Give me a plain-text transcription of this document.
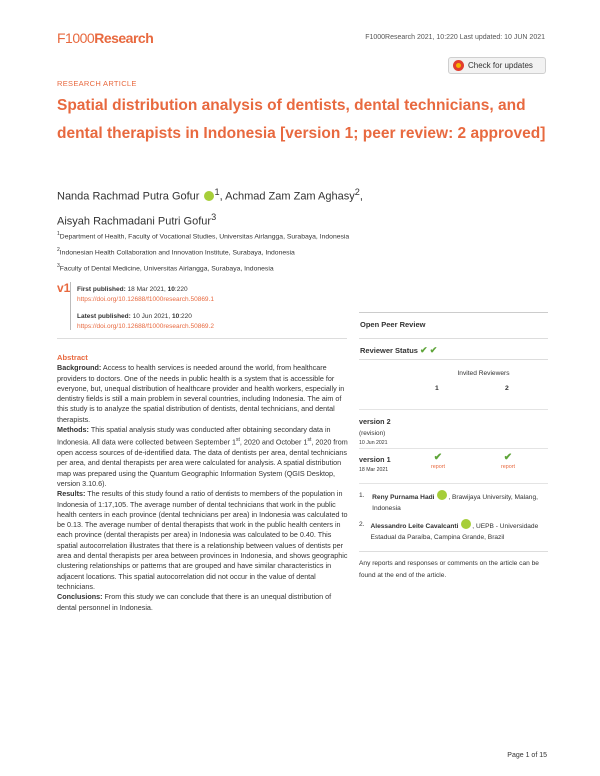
F1000Research	F1000Research 2021, 10:220 Last updated: 10 JUN 2021
RESEARCH ARTICLE
Check for updates
Spatial distribution analysis of dentists, dental technicians, and dental therapists in Indonesia [version 1; peer review: 2 approved]
Nanda Rachmad Putra Gofur $^1$, Achmad Zam Zam Aghasy$^2$,
Aisyah Rachmadani Putri Gofur$^3$
$^1$Department of Health, Faculty of Vocational Studies, Universitas Airlangga, Surabaya, Indonesia
$^2$Indonesian Health Collaboration and Innovation Institute, Surabaya, Indonesia
$^3$Faculty of Dental Medicine, Universitas Airlangga, Surabaya, Indonesia
v1 First published: 18 Mar 2021, 10:220
https://doi.org/10.12688/f1000research.50869.1
Latest published: 10 Jun 2021, 10:220
https://doi.org/10.12688/f1000research.50869.2
Abstract
Background: Access to health services is needed around the world, from healthcare providers to doctors. One of the needs in public health is a system that is accessible for everyone, but, unequal distribution of healthcare provider and health workers, especially in dentistry fields is still a main problem in several countries, including Indonesia. The aim of this study is to analyze the spatial distribution of dentists, dental technicians, and dental therapists.
Methods: This spatial analysis study was conducted after obtaining secondary data in Indonesia. All data were collected between September 1st, 2020 and October 1st, 2020 from open access sources of de-identified data. The data of dentists per area, dental technicians per area, and dental therapists per area were calculated for analysis. A spatial distribution map was prepared using the Quantum Geographic Information System (QGIS Desktop, version 3.10.6).
Results: The results of this study found a ratio of dentists to members of the population in Indonesia of 1:17,105. The average number of dental technicians that work in the public health centers in each province (dental technicians per area) in Indonesia was calculated to be 0.13. The average number of dental therapists that work in the public health centers in each province (dental therapists per area) in Indonesia was calculated to be 0.40. This spatial autocorrelation illustrates that there is a relationship between values of dentists per area and dental therapists per area between provinces in Indonesia, and shows geographic clustering relationships or patterns that are grouped and have similar characteristics in adjacent locations. This spatial autocorrelation did not occur in the value of dental technicians.
Conclusions: From this study we can conclude that there is an unequal distribution of dental personnel in Indonesia.
Open Peer Review
Reviewer Status ✔ ✔
Invited Reviewers
1	2
version 2
(revision)
10 Jun 2021
version 1
18 Mar 2021
✔
report
✔
report
1. Reny Purnama Hadi , Brawijaya University, Malang, Indonesia
2. Alessandro Leite Cavalcanti , UEPB - Universidade Estadual da Paraíba, Campina Grande, Brazil
Any reports and responses or comments on the article can be found at the end of the article.
Page 1 of 15
